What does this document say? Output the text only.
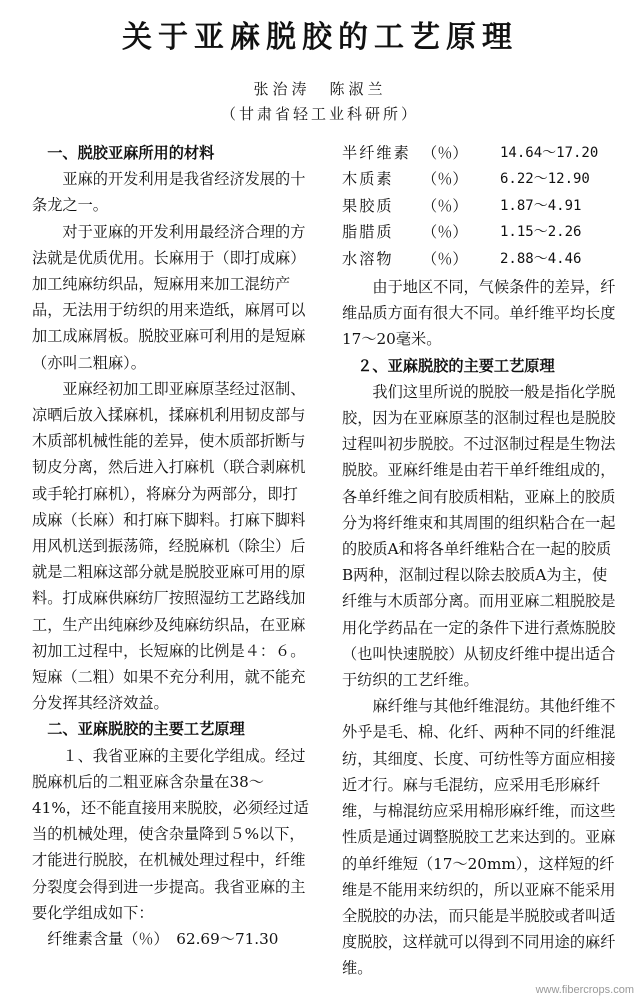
关于亚麻脱胶的工艺原理
张治涛　陈淑兰
（甘肃省轻工业科研所）

一、脱胶亚麻所用的材料

亚麻的开发利用是我省经济发展的十条龙之一。

对于亚麻的开发利用最经济合理的方法就是优质优用。长麻用于（即打成麻）加工纯麻纺织品，短麻用来加工混纺产品，无法用于纺织的用来造纸，麻屑可以加工成麻屑板。脱胶亚麻可利用的是短麻（亦叫二粗麻）。

亚麻经初加工即亚麻原茎经过沤制、凉晒后放入揉麻机，揉麻机利用韧皮部与木质部机械性能的差异，使木质部折断与韧皮分离，然后进入打麻机（联合剥麻机或手轮打麻机），将麻分为两部分，即打成麻（长麻）和打麻下脚料。打麻下脚料用风机送到振荡筛，经脱麻机（除尘）后就是二粗麻这部分就是脱胶亚麻可用的原料。打成麻供麻纺厂按照湿纺工艺路线加工，生产出纯麻纱及纯麻纺织品，在亚麻初加工过程中，长短麻的比例是４：６。短麻（二粗）如果不充分利用，就不能充分发挥其经济效益。

二、亚麻脱胶的主要工艺原理

１、我省亚麻的主要化学组成。经过脱麻机后的二粗亚麻含杂量在38～41%，还不能直接用来脱胶，必须经过适当的机械处理，使含杂量降到５%以下，才能进行脱胶，在机械处理过程中，纤维分裂度会得到进一步提高。我省亚麻的主要化学组成如下：

纤维素含量（％）　62.69～71.30

半纤维素 （％）	14.64～17.20
木质素	（％）	6.22～12.90
果胶质	（％）	1.87～4.91
脂腊质	（％）	1.15～2.26
水溶物	（％）	2.88～4.46

由于地区不同，气候条件的差异，纤维品质方面有很大不同。单纤维平均长度17～20毫米。

２、亚麻脱胶的主要工艺原理

我们这里所说的脱胶一般是指化学脱胶，因为在亚麻原茎的沤制过程也是脱胶过程叫初步脱胶。不过沤制过程是生物法脱胶。亚麻纤维是由若干单纤维组成的，各单纤维之间有胶质相粘，亚麻上的胶质分为将纤维束和其周围的组织粘合在一起的胶质A和将各单纤维粘合在一起的胶质B两种，沤制过程以除去胶质A为主，使纤维与木质部分离。而用亚麻二粗脱胶是用化学药品在一定的条件下进行煮炼脱胶（也叫快速脱胶）从韧皮纤维中提出适合于纺织的工艺纤维。

麻纤维与其他纤维混纺。其他纤维不外乎是毛、棉、化纤、两种不同的纤维混纺，其细度、长度、可纺性等方面应相接近才行。麻与毛混纺，应采用毛形麻纤维，与棉混纺应采用棉形麻纤维，而这些性质是通过调整脱胶工艺来达到的。亚麻的单纤维短（17～20mm），这样短的纤维是不能用来纺织的，所以亚麻不能采用全脱胶的办法，而只能是半脱胶或者叫适度脱胶，这样就可以得到不同用途的麻纤维。

www.fibercrops.com
